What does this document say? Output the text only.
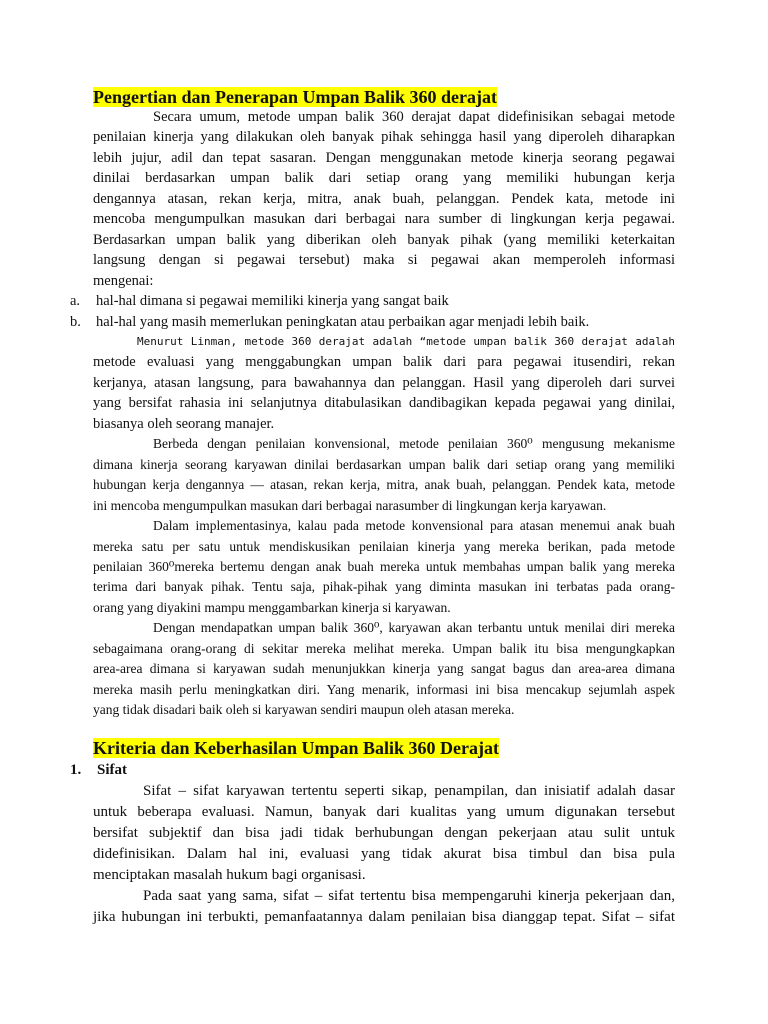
Pengertian dan Penerapan Umpan Balik 360 derajat
Secara umum, metode umpan balik 360 derajat dapat didefinisikan sebagai metode
penilaian kinerja yang dilakukan oleh banyak pihak sehingga hasil yang diperoleh diharapkan
lebih jujur, adil dan tepat sasaran. Dengan menggunakan metode kinerja seorang pegawai
dinilai berdasarkan umpan balik dari setiap orang yang memiliki hubungan kerja
dengannya atasan, rekan kerja, mitra, anak buah, pelanggan. Pendek kata, metode ini
mencoba mengumpulkan masukan dari berbagai nara sumber di lingkungan kerja pegawai.
Berdasarkan umpan balik yang diberikan oleh banyak pihak (yang memiliki keterkaitan
langsung dengan si pegawai tersebut) maka si pegawai akan memperoleh informasi
mengenai:
a. hal-hal dimana si pegawai memiliki kinerja yang sangat baik
b. hal-hal yang masih memerlukan peningkatan atau perbaikan agar menjadi lebih baik.
Menurut Linman, metode 360 derajat adalah “metode umpan balik 360 derajat adalah
metode evaluasi yang menggabungkan umpan balik dari para pegawai itusendiri, rekan
kerjanya, atasan langsung, para bawahannya dan pelanggan. Hasil yang diperoleh dari survei
yang bersifat rahasia ini selanjutnya ditabulasikan dandibagikan kepada pegawai yang dinilai,
biasanya oleh seorang manajer.
Berbeda dengan penilaian konvensional, metode penilaian 360⁰ mengusung mekanisme
dimana kinerja seorang karyawan dinilai berdasarkan umpan balik dari setiap orang yang memiliki
hubungan kerja dengannya — atasan, rekan kerja, mitra, anak buah, pelanggan. Pendek kata, metode
ini mencoba mengumpulkan masukan dari berbagai narasumber di lingkungan kerja karyawan.
Dalam implementasinya, kalau pada metode konvensional para atasan menemui anak buah
mereka satu per satu untuk mendiskusikan penilaian kinerja yang mereka berikan, pada metode
penilaian 360⁰mereka bertemu dengan anak buah mereka untuk membahas umpan balik yang mereka
terima dari banyak pihak. Tentu saja, pihak-pihak yang diminta masukan ini terbatas pada orang-
orang yang diyakini mampu menggambarkan kinerja si karyawan.
Dengan mendapatkan umpan balik 360⁰, karyawan akan terbantu untuk menilai diri mereka
sebagaimana orang-orang di sekitar mereka melihat mereka. Umpan balik itu bisa mengungkapkan
area-area dimana si karyawan sudah menunjukkan kinerja yang sangat bagus dan area-area dimana
mereka masih perlu meningkatkan diri. Yang menarik, informasi ini bisa mencakup sejumlah aspek
yang tidak disadari baik oleh si karyawan sendiri maupun oleh atasan mereka.
Kriteria dan Keberhasilan Umpan Balik 360 Derajat
1. Sifat
Sifat – sifat karyawan tertentu seperti sikap, penampilan, dan inisiatif adalah dasar
untuk beberapa evaluasi. Namun, banyak dari kualitas yang umum digunakan tersebut
bersifat subjektif dan bisa jadi tidak berhubungan dengan pekerjaan atau sulit untuk
didefinisikan. Dalam hal ini, evaluasi yang tidak akurat bisa timbul dan bisa pula
menciptakan masalah hukum bagi organisasi.
Pada saat yang sama, sifat – sifat tertentu bisa mempengaruhi kinerja pekerjaan dan,
jika hubungan ini terbukti, pemanfaatannya dalam penilaian bisa dianggap tepat. Sifat – sifat
